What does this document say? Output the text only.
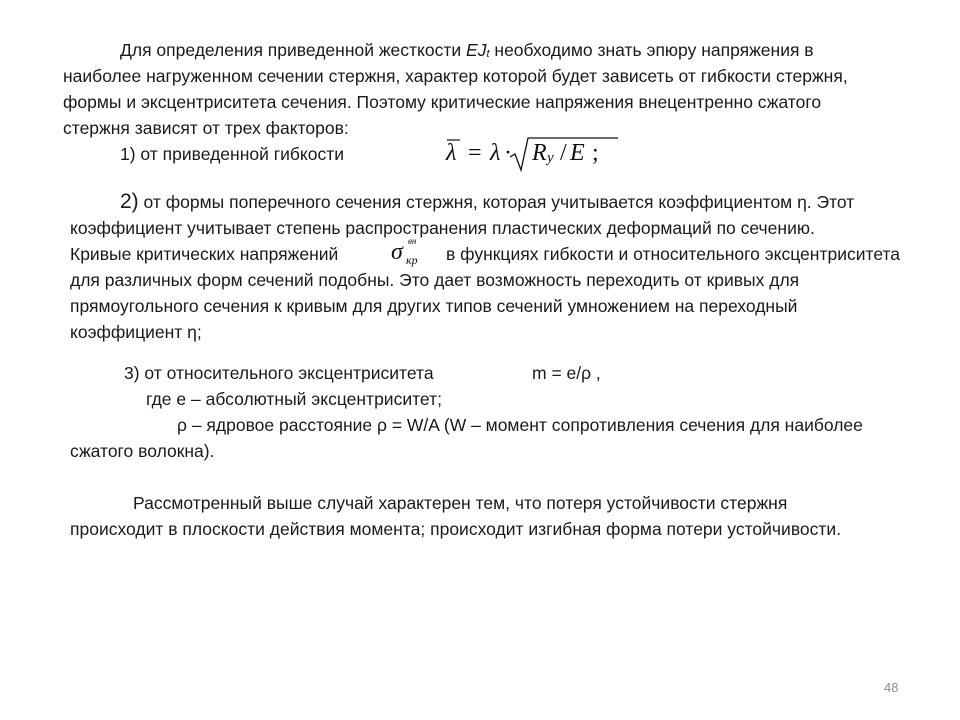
Для определения приведенной жесткости $EJ_t$ необходимо знать эпюру напряжения в
наиболее нагруженном сечении стержня, характер которой будет зависеть от гибкости стержня,
формы и эксцентриситета сечения. Поэтому критические напряжения внецентренно сжатого
стержня зависят от трех факторов:
1) от приведенной гибкости	λ = λ · R y / E ;
2) от формы поперечного сечения стержня, которая учитывается коэффициентом η. Этот
коэффициент учитывает степень распространения пластических деформаций по сечению.
Кривые критических напряжений σ вн
кр в функциях гибкости и относительного эксцентриситета
для различных форм сечений подобны. Это дает возможность переходить от кривых для
прямоугольного сечения к кривым для других типов сечений умножением на переходный
коэффициент η;
3) от относительного эксцентриситета	m = e/ρ ,
где e – абсолютный эксцентриситет;
ρ – ядровое расстояние ρ = W/A (W – момент сопротивления сечения для наиболее
сжатого волокна).
Рассмотренный выше случай характерен тем, что потеря устойчивости стержня
происходит в плоскости действия момента; происходит изгибная форма потери устойчивости.
48
